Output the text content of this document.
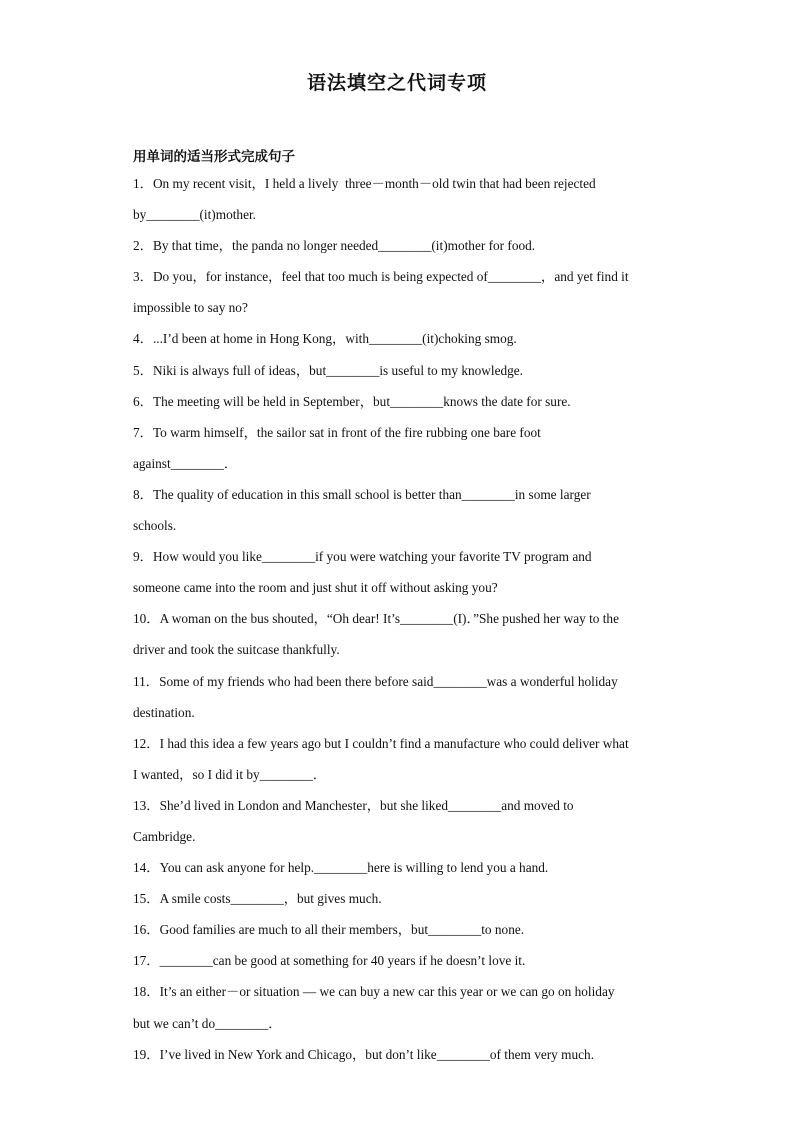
语法填空之代词专项
用单词的适当形式完成句子

1．On my recent visit，I held a lively  three－month－old twin that had been rejected

by________(it)mother.

2．By that time，the panda no longer needed________(it)mother for food.

3．Do you，for instance，feel that too much is being expected of________，and yet find it

impossible to say no?

4．...I’d been at home in Hong Kong，with________(it)choking smog.

5．Niki is always full of ideas，but________is useful to my knowledge.

6．The meeting will be held in September，but________knows the date for sure.

7．To warm himself，the sailor sat in front of the fire rubbing one bare foot

against________．

8．The quality of education in this small school is better than________in some larger

schools.

9．How would you like________if you were watching your favorite TV program and

someone came into the room and just shut it off without asking you?

10．A woman on the bus shouted，“Oh dear! It’s________(I)．”She pushed her way to the

driver and took the suitcase thankfully.

11．Some of my friends who had been there before said________was a wonderful holiday

destination.

12．I had this idea a few years ago but I couldn’t find a manufacture who could deliver what

I wanted，so I did it by________．

13．She’d lived in London and Manchester，but she liked________and moved to

Cambridge.

14．You can ask anyone for help.________here is willing to lend you a hand.

15．A smile costs________，but gives much.

16．Good families are much to all their members，but________to none.

17．________can be good at something for 40 years if he doesn’t love it.

18．It’s an either－or situation — we can buy a new car this year or we can go on holiday

but we can’t do________．

19．I’ve lived in New York and Chicago，but don’t like________of them very much.
